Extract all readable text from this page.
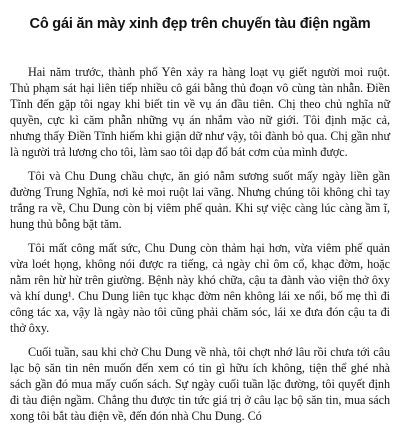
Cô gái ăn mày xinh đẹp trên chuyến tàu điện ngầm

Hai năm trước, thành phố Yên xảy ra hàng loạt vụ giết người moi ruột. Thủ phạm sát hại liên tiếp nhiều cô gái bằng thủ đoạn vô cùng tàn nhẫn. Điền Tĩnh đến gặp tôi ngay khi biết tin về vụ án đầu tiên. Chị theo chủ nghĩa nữ quyền, cực kì căm phẫn những vụ án nhắm vào nữ giới. Tôi định mặc cả, nhưng thấy Điền Tĩnh hiếm khi giận dữ như vậy, tôi đành bỏ qua. Chị gần như là người trả lương cho tôi, làm sao tôi dạp đổ bát cơm của mình được.

Tôi và Chu Dung chầu chực, ăn gió nằm sương suốt mấy ngày liền gần đường Trung Nghĩa, nơi kẻ moi ruột lai vãng. Nhưng chúng tôi không chỉ tay trắng ra về, Chu Dung còn bị viêm phế quản. Khi sự việc càng lúc càng ầm ĩ, hung thủ bỗng bặt tăm.

Tôi mất công mất sức, Chu Dung còn thảm hại hơn, vừa viêm phế quản vừa loét họng, không nói được ra tiếng, cả ngày chỉ ôm cổ, khạc đờm, hoặc nằm rên hừ hừ trên giường. Bệnh này khó chữa, cậu ta đành vào viện thở ôxy và khí dung¹. Chu Dung liên tục khạc đờm nên không lái xe nổi, bố mẹ thì đi công tác xa, vậy là ngày nào tôi cũng phải chăm sóc, lái xe đưa đón cậu ta đi thở ôxy.

Cuối tuần, sau khi chở Chu Dung về nhà, tôi chợt nhớ lâu rồi chưa tới câu lạc bộ săn tin nên muốn đến xem có tin gì hữu ích không, tiện thể ghé nhà sách gần đó mua mấy cuốn sách. Sự ngày cuối tuần lặc đường, tôi quyết định đi tàu điện ngầm. Chẳng thu được tin tức giá trị ở câu lạc bộ săn tin, mua sách xong tôi bắt tàu điện về, đến đón nhà Chu Dung. Có
